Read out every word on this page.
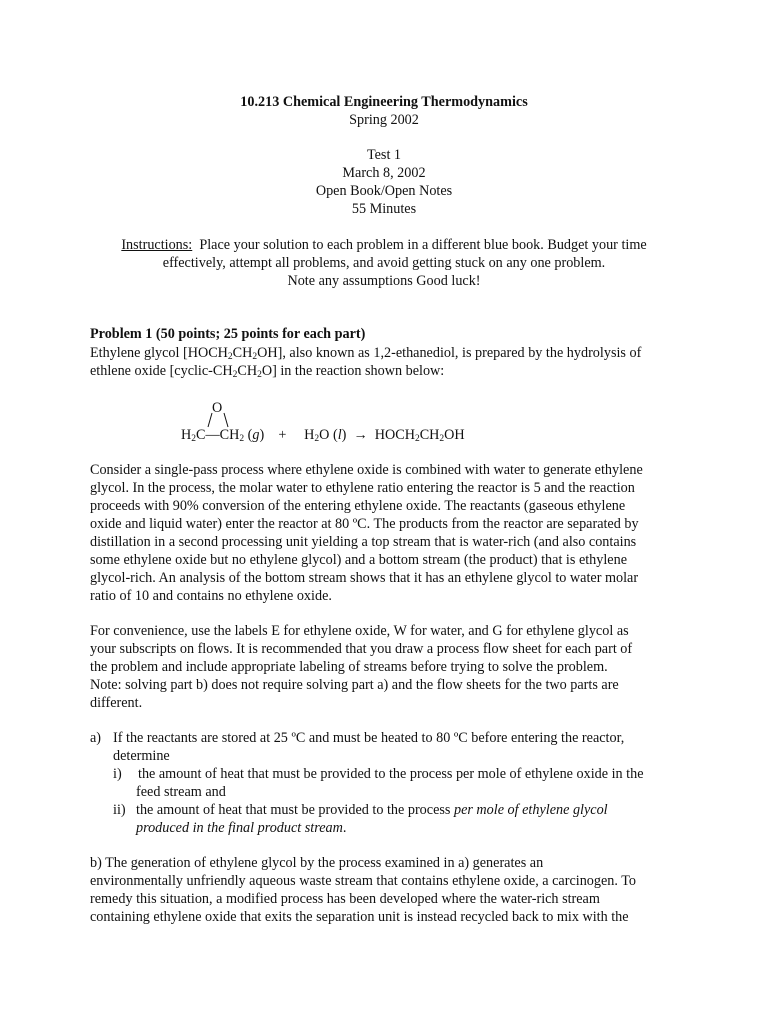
10.213 Chemical Engineering Thermodynamics
Spring 2002
Test 1
March 8, 2002
Open Book/Open Notes
55 Minutes
Instructions: Place your solution to each problem in a different blue book. Budget your time
effectively, attempt all problems, and avoid getting stuck on any one problem.
Note any assumptions Good luck!
Problem 1 (50 points; 25 points for each part)
Ethylene glycol $[HOCH_2CH_2OH]$, also known as 1,2-ethanediol, is prepared by the hydrolysis of
ethlene oxide $[cyclic-CH_2CH_2O]$ in the reaction shown below:
O
$H_2C—CH_2$ (g)    + $H_2O$ $(l) \to HOCH_2CH_2OH$
Consider a single-pass process where ethylene oxide is combined with water to generate ethylene
glycol. In the process, the molar water to ethylene ratio entering the reactor is 5 and the reaction
proceeds with 90% conversion of the entering ethylene oxide. The reactants (gaseous ethylene
oxide and liquid water) enter the reactor at 80 ºC. The products from the reactor are separated by
distillation in a second processing unit yielding a top stream that is water-rich (and also contains
some ethylene oxide but no ethylene glycol) and a bottom stream (the product) that is ethylene
glycol-rich. An analysis of the bottom stream shows that it has an ethylene glycol to water molar
ratio of 10 and contains no ethylene oxide.
For convenience, use the labels E for ethylene oxide, W for water, and G for ethylene glycol as
your subscripts on flows. It is recommended that you draw a process flow sheet for each part of
the problem and include appropriate labeling of streams before trying to solve the problem.
Note: solving part b) does not require solving part a) and the flow sheets for the two parts are
different.
a) If the reactants are stored at 25 ºC and must be heated to 80 ºC before entering the reactor,
determine
i) the amount of heat that must be provided to the process per mole of ethylene oxide in the
feed stream and
ii) the amount of heat that must be provided to the process per mole of ethylene glycol
produced in the final product stream.
b) The generation of ethylene glycol by the process examined in a) generates an
environmentally unfriendly aqueous waste stream that contains ethylene oxide, a carcinogen. To
remedy this situation, a modified process has been developed where the water-rich stream
containing ethylene oxide that exits the separation unit is instead recycled back to mix with the
